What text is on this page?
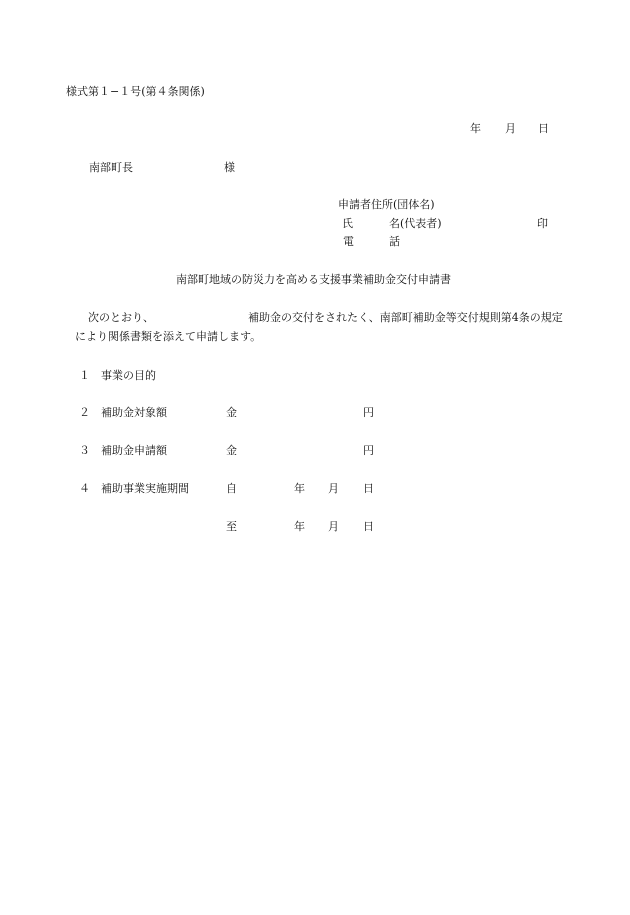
様式第１−１号(第４条関係)
年 月 日
南部町長	様
申請者住所(団体名)
氏	名(代表者)	印
電	話
南部町地域の防災力を高める支援事業補助金交付申請書
次のとおり、	補助金の交付をされたく、南部町補助金等交付規則第4条の規定
により関係書類を添えて申請します。
１ 事業の目的
２ 補助金対象額	金	円
３ 補助金申請額	金	円
４ 補助事業実施期間	自	年 月 日
至	年 月 日
